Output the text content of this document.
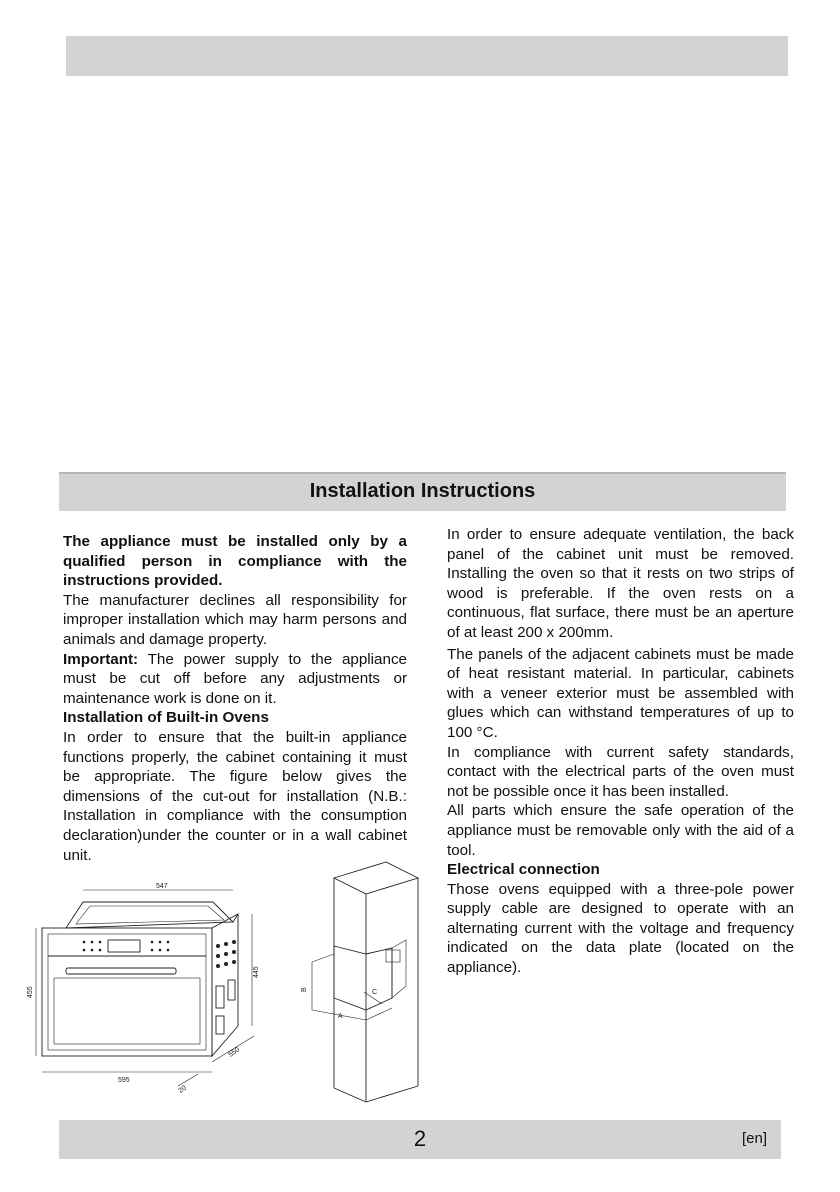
Installation Instructions

The appliance must be installed only by a qualified person in compliance with the instructions provided.

The manufacturer declines all responsibility for improper installation which may harm persons and animals and damage property.

Important: The power supply to the appliance must be cut off before any adjustments or maintenance work is done on it.

Installation of Built-in Ovens

In order to ensure that the built-in appliance functions properly, the cabinet containing it must be appropriate. The figure below gives the dimensions of the cut-out for installation (N.B.: Installation in compliance with the consumption declaration)under the counter or in a wall cabinet unit.

547
455
445
595
550
20
B
A
C

In order to ensure adequate ventilation, the back panel of the cabinet unit must be removed. Installing the oven so that it rests on two strips of wood is preferable. If the oven rests on a continuous, flat surface, there must be an aperture of at least 200 x 200mm.

The panels of the adjacent cabinets must be made of heat resistant material. In particular, cabinets with a veneer exterior must be assembled with glues which can withstand temperatures of up to 100 °C.

In compliance with current safety standards, contact with the electrical parts of the oven must not be possible once it has been installed.

All parts which ensure the safe operation of the appliance must be removable only with the aid of a tool.

Electrical connection

Those ovens equipped with a three-pole power supply cable are designed to operate with an alternating current with the voltage and frequency indicated on the data plate (located on the appliance).

2	[en]
